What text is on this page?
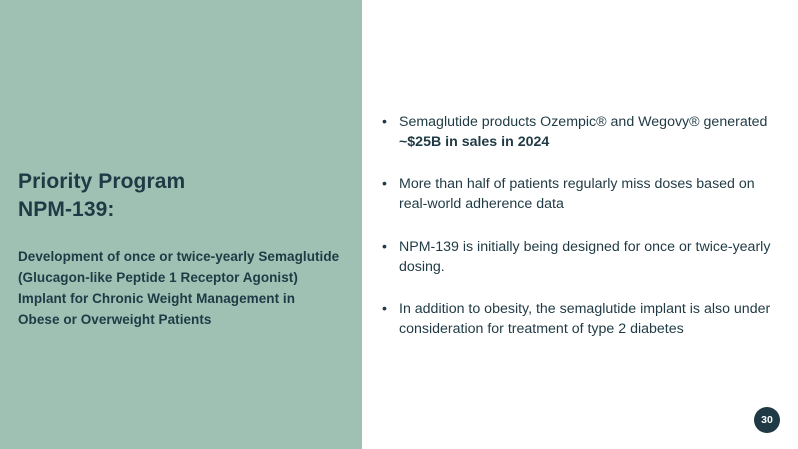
Priority Program
NPM-139:
Development of once or twice-yearly Semaglutide (Glucagon-like Peptide 1 Receptor Agonist) Implant for Chronic Weight Management in Obese or Overweight Patients
• Semaglutide products Ozempic® and Wegovy® generated ~$25B in sales in 2024
• More than half of patients regularly miss doses based on real-world adherence data
• NPM-139 is initially being designed for once or twice-yearly dosing.
• In addition to obesity, the semaglutide implant is also under consideration for treatment of type 2 diabetes
30
